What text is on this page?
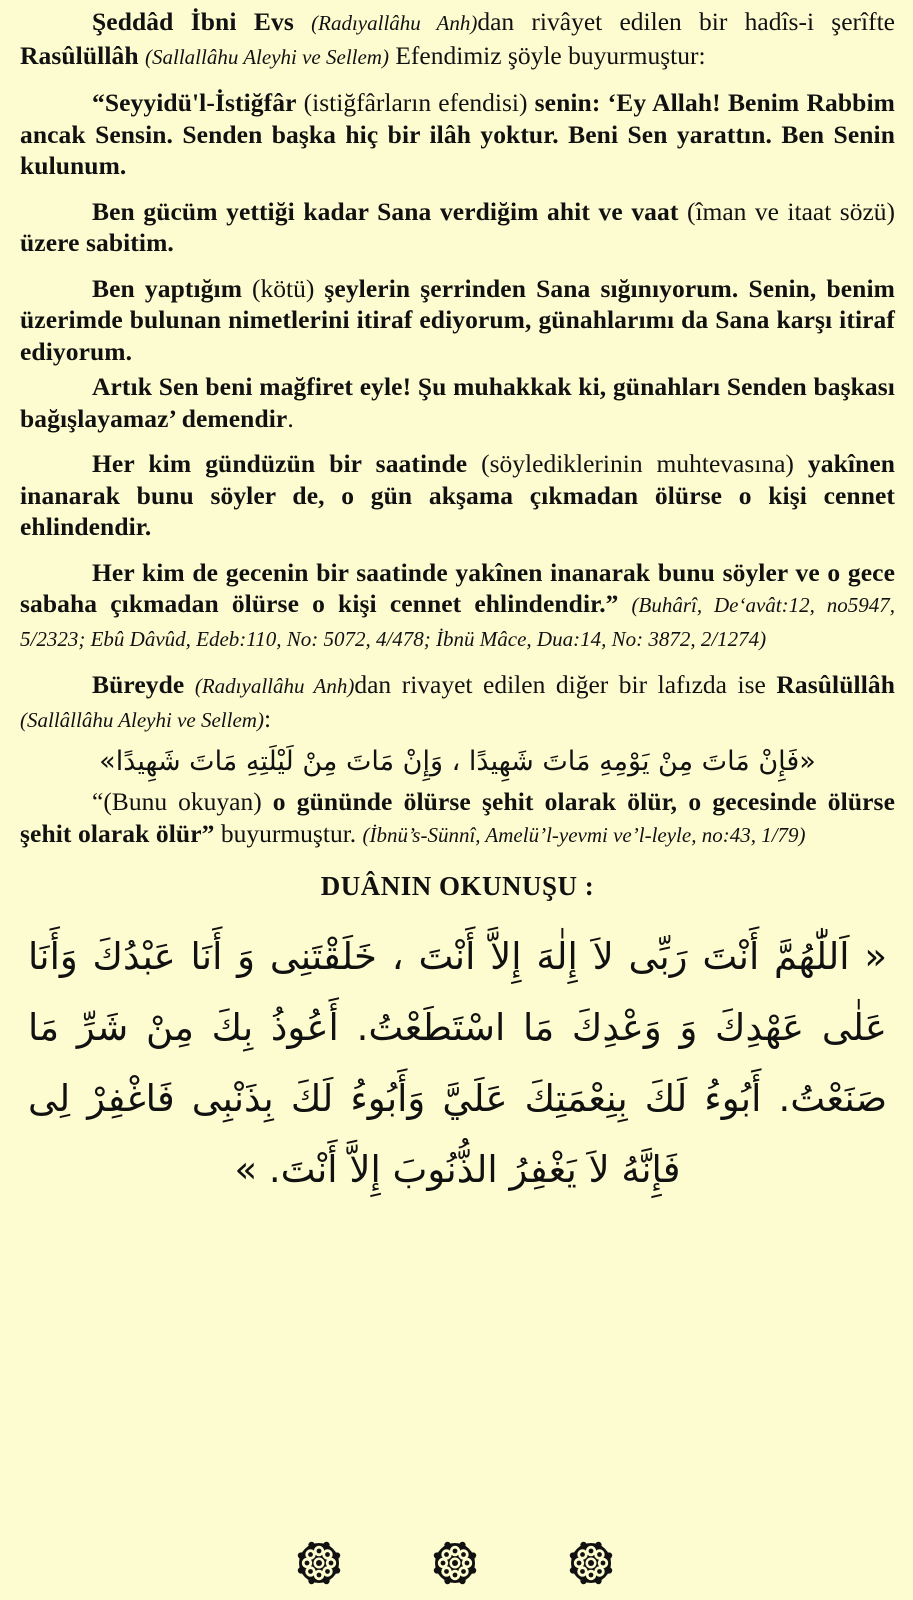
Şeddâd İbni Evs (Radıyallâhu Anh)dan rivâyet edilen bir hadîs-i şerîfte Rasûlüllâh (Sallallâhu Aleyhi ve Sellem) Efendimiz şöyle buyurmuştur:

“Seyyidü'l-İstiğfâr (istiğfârların efendisi) senin: ‘Ey Allah! Benim Rabbim ancak Sensin. Senden başka hiç bir ilâh yoktur. Beni Sen yarattın. Ben Senin kulunum.

Ben gücüm yettiği kadar Sana verdiğim ahit ve vaat (îman ve itaat sözü) üzere sabitim.

Ben yaptığım (kötü) şeylerin şerrinden Sana sığınıyorum. Senin, benim üzerimde bulunan nimetlerini itiraf ediyorum, günahlarımı da Sana karşı itiraf ediyorum.

Artık Sen beni mağfiret eyle! Şu muhakkak ki, günahları Senden başkası bağışlayamaz’ demendir.

Her kim gündüzün bir saatinde (söylediklerinin muhtevasına) yakînen inanarak bunu söyler de, o gün akşama çıkmadan ölürse o kişi cennet ehlindendir.

Her kim de gecenin bir saatinde yakînen inanarak bunu söyler ve o gece sabaha çıkmadan ölürse o kişi cennet ehlindendir.” (Buhârî, De‘avât:12, no5947, 5/2323; Ebû Dâvûd, Edeb:110, No: 5072, 4/478; İbnü Mâce, Dua:14, No: 3872, 2/1274)

Büreyde (Radıyallâhu Anh)dan rivayet edilen diğer bir lafızda ise Rasûlüllâh (Sallâllâhu Aleyhi ve Sellem):

«فَإِنْ مَاتَ مِنْ يَوْمِهِ مَاتَ شَهِيدًا ، وَإِنْ مَاتَ مِنْ لَيْلَتِهِ مَاتَ شَهِيدًا»

“(Bunu okuyan) o gününde ölürse şehit olarak ölür, o gecesinde ölürse şehit olarak ölür” buyurmuştur. (İbnü’s-Sünnî, Amelü’l-yevmi ve’l-leyle, no:43, 1/79)

DUÂNIN OKUNUŞU :
« اَللّٰهُمَّ أَنْتَ رَبِّى لاَ إِلٰهَ إِلاَّ أَنْتَ ، خَلَقْتَنِى وَ أَنَا عَبْدُكَ وَأَنَا عَلٰى عَهْدِكَ وَ وَعْدِكَ مَا اسْتَطَعْتُ. أَعُوذُ بِكَ مِنْ شَرِّ مَا صَنَعْتُ. أَبُوءُ لَكَ بِنِعْمَتِكَ عَلَيَّ وَأَبُوءُ لَكَ بِذَنْبِى فَاغْفِرْ لِى فَإِنَّهُ لاَ يَغْفِرُ الذُّنُوبَ إِلاَّ أَنْتَ. »
